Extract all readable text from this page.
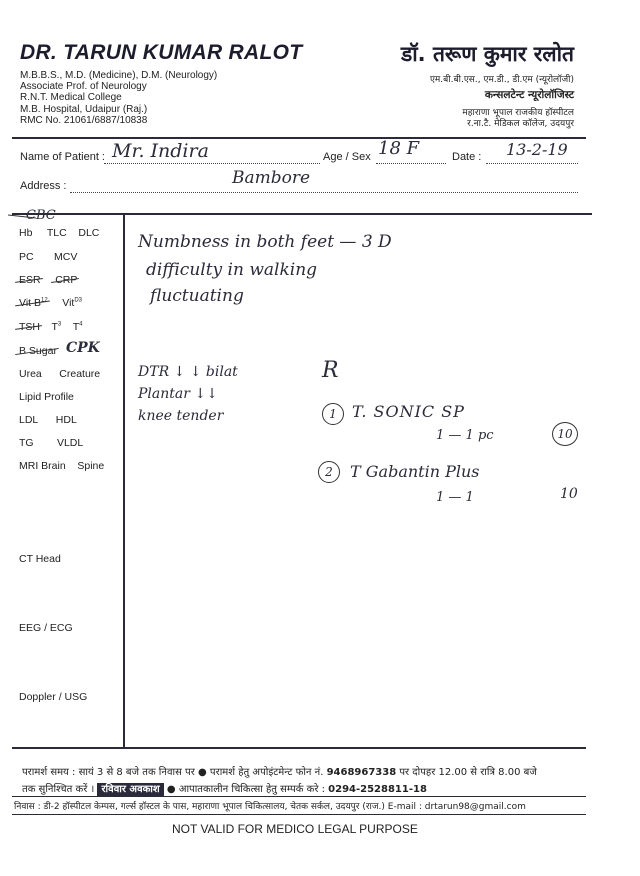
DR. TARUN KUMAR RALOT
M.B.B.S., M.D. (Medicine), D.M. (Neurology)
Associate Prof. of Neurology
R.N.T. Medical College
M.B. Hospital, Udaipur (Raj.)
RMC No. 21061/6887/10838
डॉ. तरूण कुमार रलोत
एम.बी.बी.एस., एम.डी., डी.एम (न्यूरोलॉजी)
कन्सलटेन्ट न्यूरोलॉजिस्ट
महाराणा भूपाल राजकीय हॉस्पीटल
र.ना.टै. मेडिकल कॉलेज, उदयपुर
Name of Patient : Mr. Indira	Age / Sex 18 F	Date : 13-2-19
Address :	Bambore
CBC
Hb TLC DLC
PC MCV
ESR CRP
Vit $B^{12}$ Vit$^{D3}$
TSH $T^3$ $T^4$
B Sugar CPK
Urea Creature
Lipid Profile
LDL HDL
TG VLDL
MRI Brain Spine
CT Head
EEG / ECG
Doppler / USG
Numbness in both feet — 3 D
difficulty in walking
fluctuating
DTR ↓ ↓ bilat
Plantar ↓↓
knee tender
R
1 T. SONIC SP
1 — 1 pc	10
2	T Gabantin Plus
1 — 1	10
परामर्श समय : सायं 3 से 8 बजे तक निवास पर ● परामर्श हेतु अपोइंटमेन्ट फोन नं. 9468967338 पर दोपहर 12.00 से रात्रि 8.00 बजे
तक सुनिश्चित करें । रविवार अवकाश ● आपातकालीन चिकित्सा हेतु सम्पर्क करे : 0294-2528811-18
निवास : डी-2 हॉस्पीटल केम्पस, गर्ल्स हॉस्टल के पास, महाराणा भूपाल चिकित्सालय, चेतक सर्कल, उदयपुर (राज.) E-mail : drtarun98@gmail.com
NOT VALID FOR MEDICO LEGAL PURPOSE
